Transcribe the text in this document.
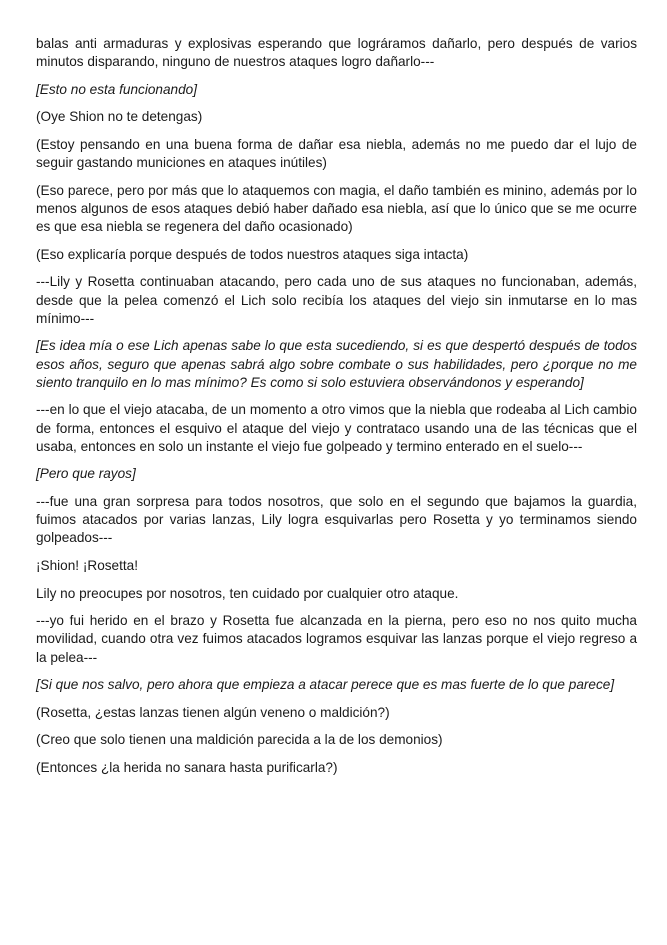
balas anti armaduras y explosivas esperando que lográramos dañarlo, pero después de varios minutos disparando, ninguno de nuestros ataques logro dañarlo---

[Esto no esta funcionando]

(Oye Shion no te detengas)

(Estoy pensando en una buena forma de dañar esa niebla, además no me puedo dar el lujo de seguir gastando municiones en ataques inútiles)

(Eso parece, pero por más que lo ataquemos con magia, el daño también es minino, además por lo menos algunos de esos ataques debió haber dañado esa niebla, así que lo único que se me ocurre es que esa niebla se regenera del daño ocasionado)

(Eso explicaría porque después de todos nuestros ataques siga intacta)

---Lily y Rosetta continuaban atacando, pero cada uno de sus ataques no funcionaban, además, desde que la pelea comenzó el Lich solo recibía los ataques del viejo sin inmutarse en lo mas mínimo---

[Es idea mía o ese Lich apenas sabe lo que esta sucediendo, si es que despertó después de todos esos años, seguro que apenas sabrá algo sobre combate o sus habilidades, pero ¿porque no me siento tranquilo en lo mas mínimo? Es como si solo estuviera observándonos y esperando]

---en lo que el viejo atacaba, de un momento a otro vimos que la niebla que rodeaba al Lich cambio de forma, entonces el esquivo el ataque del viejo y contrataco usando una de las técnicas que el usaba, entonces en solo un instante el viejo fue golpeado y termino enterado en el suelo---

[Pero que rayos]

---fue una gran sorpresa para todos nosotros, que solo en el segundo que bajamos la guardia, fuimos atacados por varias lanzas, Lily logra esquivarlas pero Rosetta y yo terminamos siendo golpeados---

¡Shion! ¡Rosetta!

Lily no preocupes por nosotros, ten cuidado por cualquier otro ataque.

---yo fui herido en el brazo y Rosetta fue alcanzada en la pierna, pero eso no nos quito mucha movilidad, cuando otra vez fuimos atacados logramos esquivar las lanzas porque el viejo regreso a la pelea---

[Si que nos salvo, pero ahora que empieza a atacar perece que es mas fuerte de lo que parece]

(Rosetta, ¿estas lanzas tienen algún veneno o maldición?)

(Creo que solo tienen una maldición parecida a la de los demonios)

(Entonces ¿la herida no sanara hasta purificarla?)
